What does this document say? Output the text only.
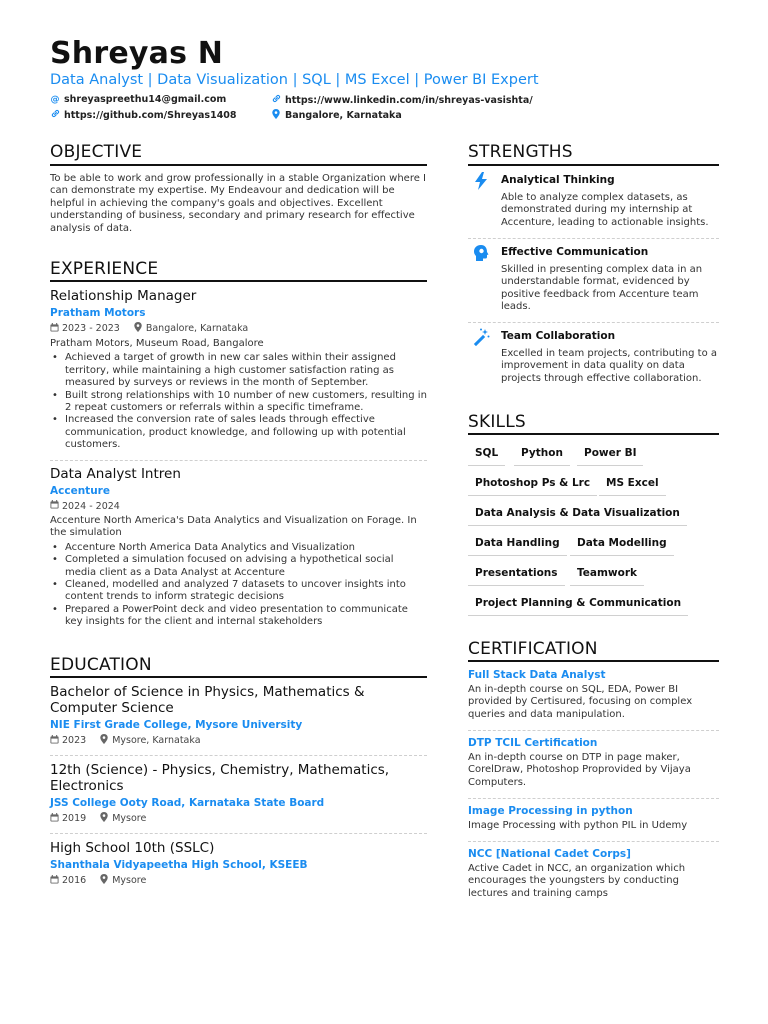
Shreyas N
Data Analyst | Data Visualization | SQL | MS Excel | Power BI Expert
@ shreyaspreethu14@gmail.com	https://www.linkedin.com/in/shreyas-vasishta/
https://github.com/Shreyas1408	Bangalore, Karnataka
OBJECTIVE
To be able to work and grow professionally in a stable Organization where I can demonstrate my expertise. My Endeavour and dedication will be helpful in achieving the company's goals and objectives. Excellent understanding of business, secondary and primary research for effective analysis of data.
EXPERIENCE
Relationship Manager
Pratham Motors
2023 - 2023	Bangalore, Karnataka
Pratham Motors, Museum Road, Bangalore
• Achieved a target of growth in new car sales within their assigned territory, while maintaining a high customer satisfaction rating as measured by surveys or reviews in the month of September.
• Built strong relationships with 10 number of new customers, resulting in 2 repeat customers or referrals within a specific timeframe.
• Increased the conversion rate of sales leads through effective communication, product knowledge, and following up with potential customers.
Data Analyst Intren
Accenture
2024 - 2024
Accenture North America's Data Analytics and Visualization on Forage. In the simulation
• Accenture North America Data Analytics and Visualization
• Completed a simulation focused on advising a hypothetical social media client as a Data Analyst at Accenture
• Cleaned, modelled and analyzed 7 datasets to uncover insights into content trends to inform strategic decisions
• Prepared a PowerPoint deck and video presentation to communicate key insights for the client and internal stakeholders
EDUCATION
Bachelor of Science in Physics, Mathematics & Computer Science
NIE First Grade College, Mysore University
2023	Mysore, Karnataka
12th (Science) - Physics, Chemistry, Mathematics, Electronics
JSS College Ooty Road, Karnataka State Board
2019	Mysore
High School 10th (SSLC)
Shanthala Vidyapeetha High School, KSEEB
2016	Mysore
STRENGTHS
Analytical Thinking
Able to analyze complex datasets, as demonstrated during my internship at Accenture, leading to actionable insights.
Effective Communication
Skilled in presenting complex data in an understandable format, evidenced by positive feedback from Accenture team leads.
Team Collaboration
Excelled in team projects, contributing to a improvement in data quality on data projects through effective collaboration.
SKILLS
SQL	Python	Power BI
Photoshop Ps & Lrc	MS Excel
Data Analysis & Data Visualization
Data Handling	Data Modelling
Presentations	Teamwork
Project Planning & Communication
CERTIFICATION
Full Stack Data Analyst
An in-depth course on SQL, EDA, Power BI provided by Certisured, focusing on complex queries and data manipulation.
DTP TCIL Certification
An in-depth course on DTP in page maker, CorelDraw, Photoshop Proprovided by Vijaya Computers.
Image Processing in python
Image Processing with python PIL in Udemy
NCC [National Cadet Corps]
Active Cadet in NCC, an organization which encourages the youngsters by conducting lectures and training camps
